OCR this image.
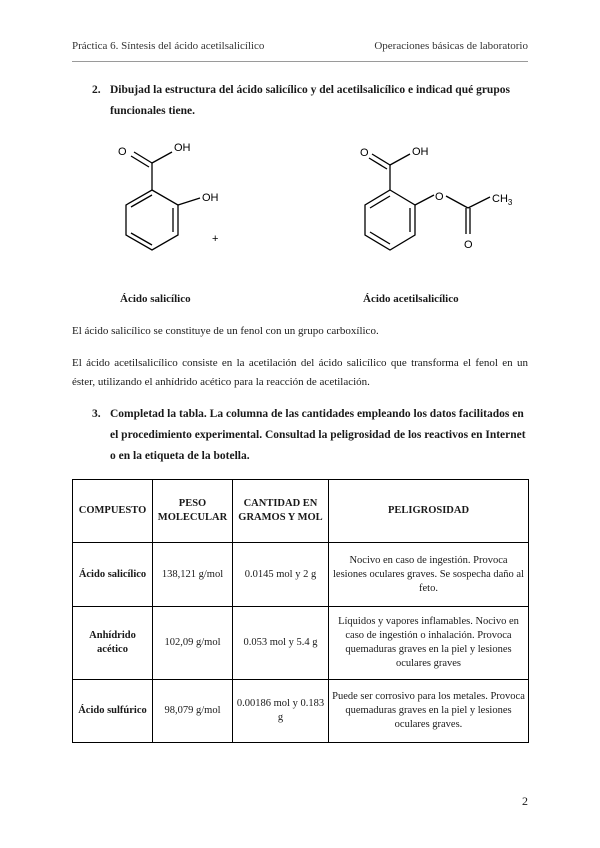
Práctica 6. Síntesis del ácido acetilsalicílico	Operaciones básicas de laboratorio
2. Dibujad la estructura del ácido salicílico y del acetilsalicílico e indicad qué grupos funcionales tiene.
O	OH
OH
+
O	OH
O
O
$CH_3$
Ácido salicílico	Ácido acetilsalicílico
El ácido salicílico se constituye de un fenol con un grupo carboxílico.
El ácido acetilsalicílico consiste en la acetilación del ácido salicílico que transforma el fenol en un éster, utilizando el anhídrido acético para la reacción de acetilación.
3. Completad la tabla. La columna de las cantidades empleando los datos facilitados en el procedimiento experimental. Consultad la peligrosidad de los reactivos en Internet o en la etiqueta de la botella.
COMPUESTO	PESO MOLECULAR	CANTIDAD EN GRAMOS Y MOL	PELIGROSIDAD
Ácido salicílico	138,121 g/mol	0.0145 mol y 2 g	Nocivo en caso de ingestión. Provoca lesiones oculares graves. Se sospecha daño al feto.
Anhídrido acético	102,09 g/mol	0.053 mol y 5.4 g	Líquidos y vapores inflamables. Nocivo en caso de ingestión o inhalación. Provoca quemaduras graves en la piel y lesiones oculares graves
Ácido sulfúrico	98,079 g/mol	0.00186 mol y 0.183 g	Puede ser corrosivo para los metales. Provoca quemaduras graves en la piel y lesiones oculares graves.
2
